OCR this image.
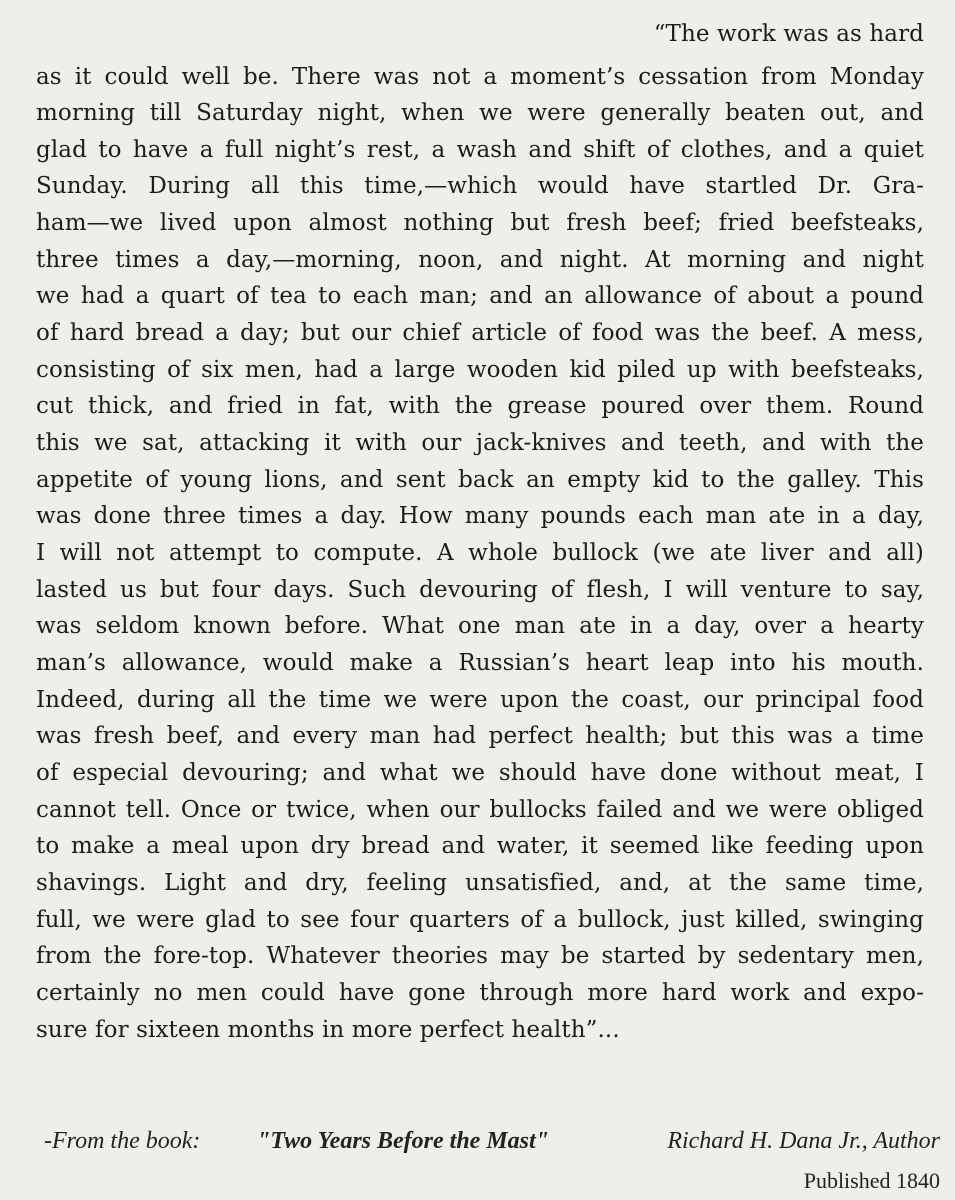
“The work was as hard
as it could well be. There was not a moment’s cessation from Monday
morning till Saturday night, when we were generally beaten out, and
glad to have a full night’s rest, a wash and shift of clothes, and a quiet
Sunday. During all this time,—which would have startled Dr. Gra-
ham—we lived upon almost nothing but fresh beef; fried beefsteaks,
three times a day,—morning, noon, and night. At morning and night
we had a quart of tea to each man; and an allowance of about a pound
of hard bread a day; but our chief article of food was the beef. A mess,
consisting of six men, had a large wooden kid piled up with beefsteaks,
cut thick, and fried in fat, with the grease poured over them. Round
this we sat, attacking it with our jack-knives and teeth, and with the
appetite of young lions, and sent back an empty kid to the galley. This
was done three times a day. How many pounds each man ate in a day,
I will not attempt to compute. A whole bullock (we ate liver and all)
lasted us but four days. Such devouring of flesh, I will venture to say,
was seldom known before. What one man ate in a day, over a hearty
man’s allowance, would make a Russian’s heart leap into his mouth.
Indeed, during all the time we were upon the coast, our principal food
was fresh beef, and every man had perfect health; but this was a time
of especial devouring; and what we should have done without meat, I
cannot tell. Once or twice, when our bullocks failed and we were obliged
to make a meal upon dry bread and water, it seemed like feeding upon
shavings. Light and dry, feeling unsatisfied, and, at the same time,
full, we were glad to see four quarters of a bullock, just killed, swinging
from the fore-top. Whatever theories may be started by sedentary men,
certainly no men could have gone through more hard work and expo-
sure for sixteen months in more perfect health”...
-From the book: "Two Years Before the Mast"	Richard H. Dana Jr., Author
Published 1840
